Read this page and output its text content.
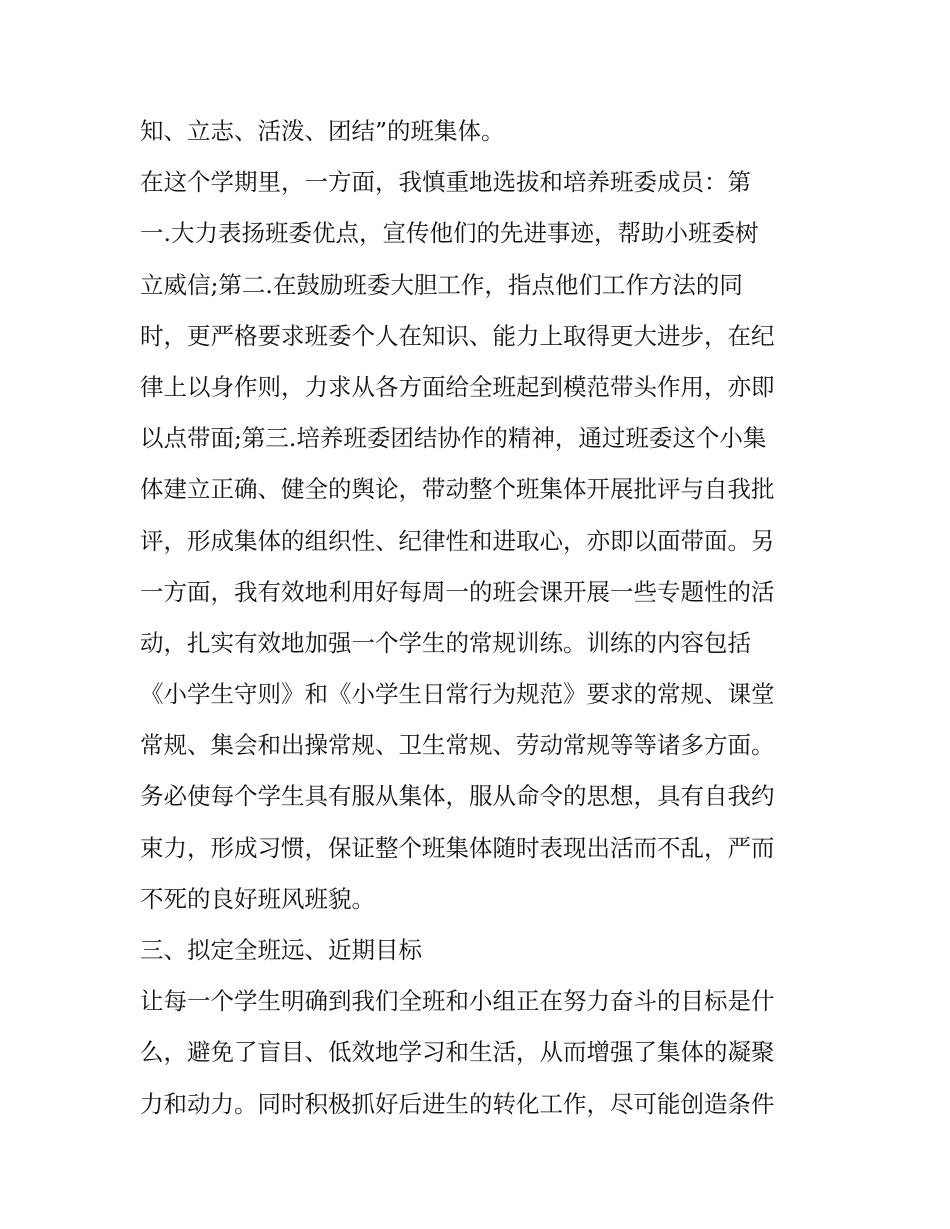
知、立志、活泼、团结”的班集体。
在这个学期里，一方面，我慎重地选拔和培养班委成员：第
一.大力表扬班委优点，宣传他们的先进事迹，帮助小班委树
立威信;第二.在鼓励班委大胆工作，指点他们工作方法的同
时，更严格要求班委个人在知识、能力上取得更大进步，在纪
律上以身作则，力求从各方面给全班起到模范带头作用，亦即
以点带面;第三.培养班委团结协作的精神，通过班委这个小集
体建立正确、健全的舆论，带动整个班集体开展批评与自我批
评，形成集体的组织性、纪律性和进取心，亦即以面带面。另
一方面，我有效地利用好每周一的班会课开展一些专题性的活
动，扎实有效地加强一个学生的常规训练。训练的内容包括
《小学生守则》和《小学生日常行为规范》要求的常规、课堂
常规、集会和出操常规、卫生常规、劳动常规等等诸多方面。
务必使每个学生具有服从集体，服从命令的思想，具有自我约
束力，形成习惯，保证整个班集体随时表现出活而不乱，严而
不死的良好班风班貌。
三、拟定全班远、近期目标
让每一个学生明确到我们全班和小组正在努力奋斗的目标是什
么，避免了盲目、低效地学习和生活，从而增强了集体的凝聚
力和动力。同时积极抓好后进生的转化工作，尽可能创造条件
